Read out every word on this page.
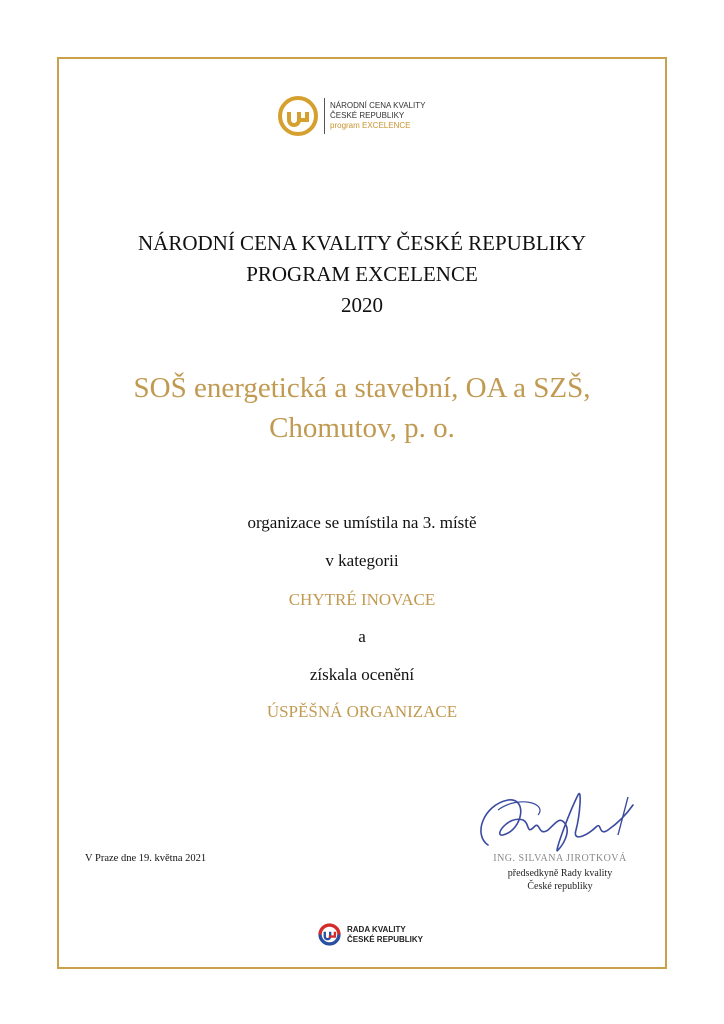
NÁRODNÍ CENA KVALITY
ČESKÉ REPUBLIKY
program EXCELENCE
NÁRODNÍ CENA KVALITY ČESKÉ REPUBLIKY
PROGRAM EXCELENCE
2020
SOŠ energetická a stavební, OA a SZŠ,
Chomutov, p. o.
organizace se umístila na 3. místě
v kategorii
CHYTRÉ INOVACE
a
získala ocenění
ÚSPĚŠNÁ ORGANIZACE
V Praze dne 19. května 2021	ING. SILVANA JIROTKOVÁ
předsedkyně Rady kvality
České republiky
RADA KVALITY
ČESKÉ REPUBLIKY
